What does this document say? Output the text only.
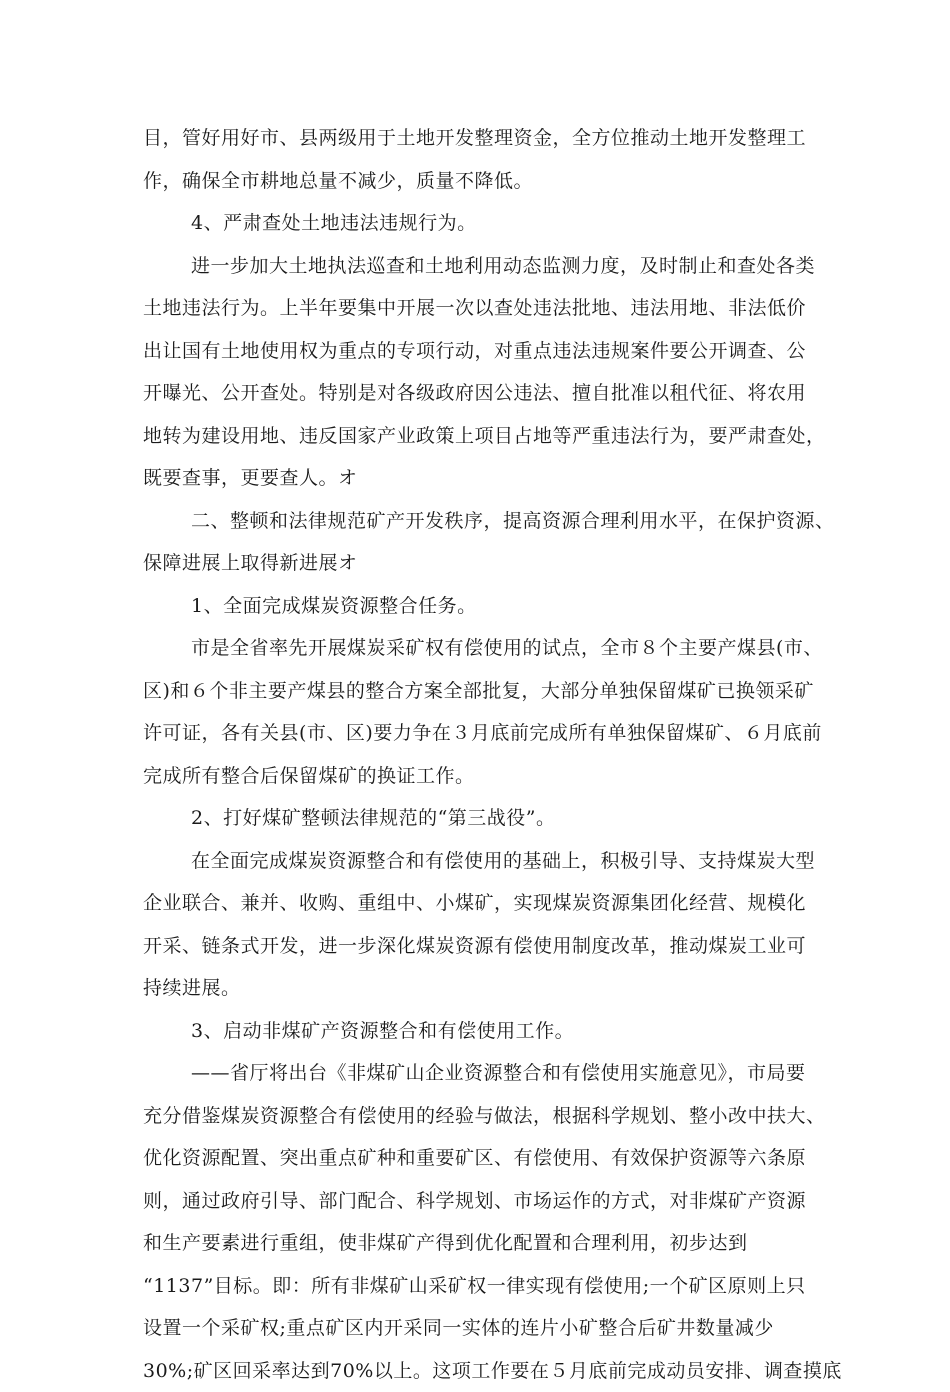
目，管好用好市、县两级用于土地开发整理资金，全方位推动土地开发整理工
作，确保全市耕地总量不减少，质量不降低。
4、严肃查处土地违法违规行为。
进一步加大土地执法巡查和土地利用动态监测力度，及时制止和查处各类
土地违法行为。上半年要集中开展一次以查处违法批地、违法用地、非法低价
出让国有土地使用权为重点的专项行动，对重点违法违规案件要公开调查、公
开曝光、公开查处。特别是对各级政府因公违法、擅自批准以租代征、将农用
地转为建设用地、违反国家产业政策上项目占地等严重违法行为，要严肃查处，
既要查事，更要查人。オ
二、整顿和法律规范矿产开发秩序，提高资源合理利用水平，在保护资源、
保障进展上取得新进展オ
1、全面完成煤炭资源整合任务。
市是全省率先开展煤炭采矿权有偿使用的试点，全市８个主要产煤县(市、
区)和６个非主要产煤县的整合方案全部批复，大部分单独保留煤矿已换领采矿
许可证，各有关县(市、区)要力争在３月底前完成所有单独保留煤矿、６月底前
完成所有整合后保留煤矿的换证工作。
2、打好煤矿整顿法律规范的“第三战役”。
在全面完成煤炭资源整合和有偿使用的基础上，积极引导、支持煤炭大型
企业联合、兼并、收购、重组中、小煤矿，实现煤炭资源集团化经营、规模化
开采、链条式开发，进一步深化煤炭资源有偿使用制度改革，推动煤炭工业可
持续进展。
3、启动非煤矿产资源整合和有偿使用工作。
——省厅将出台《非煤矿山企业资源整合和有偿使用实施意见》，市局要
充分借鉴煤炭资源整合有偿使用的经验与做法，根据科学规划、整小改中扶大、
优化资源配置、突出重点矿种和重要矿区、有偿使用、有效保护资源等六条原
则，通过政府引导、部门配合、科学规划、市场运作的方式，对非煤矿产资源
和生产要素进行重组，使非煤矿产得到优化配置和合理利用，初步达到
“1137”目标。即：所有非煤矿山采矿权一律实现有偿使用;一个矿区原则上只
设置一个采矿权;重点矿区内开采同一实体的连片小矿整合后矿井数量减少
30%;矿区回采率达到70%以上。这项工作要在５月底前完成动员安排、调查摸底
